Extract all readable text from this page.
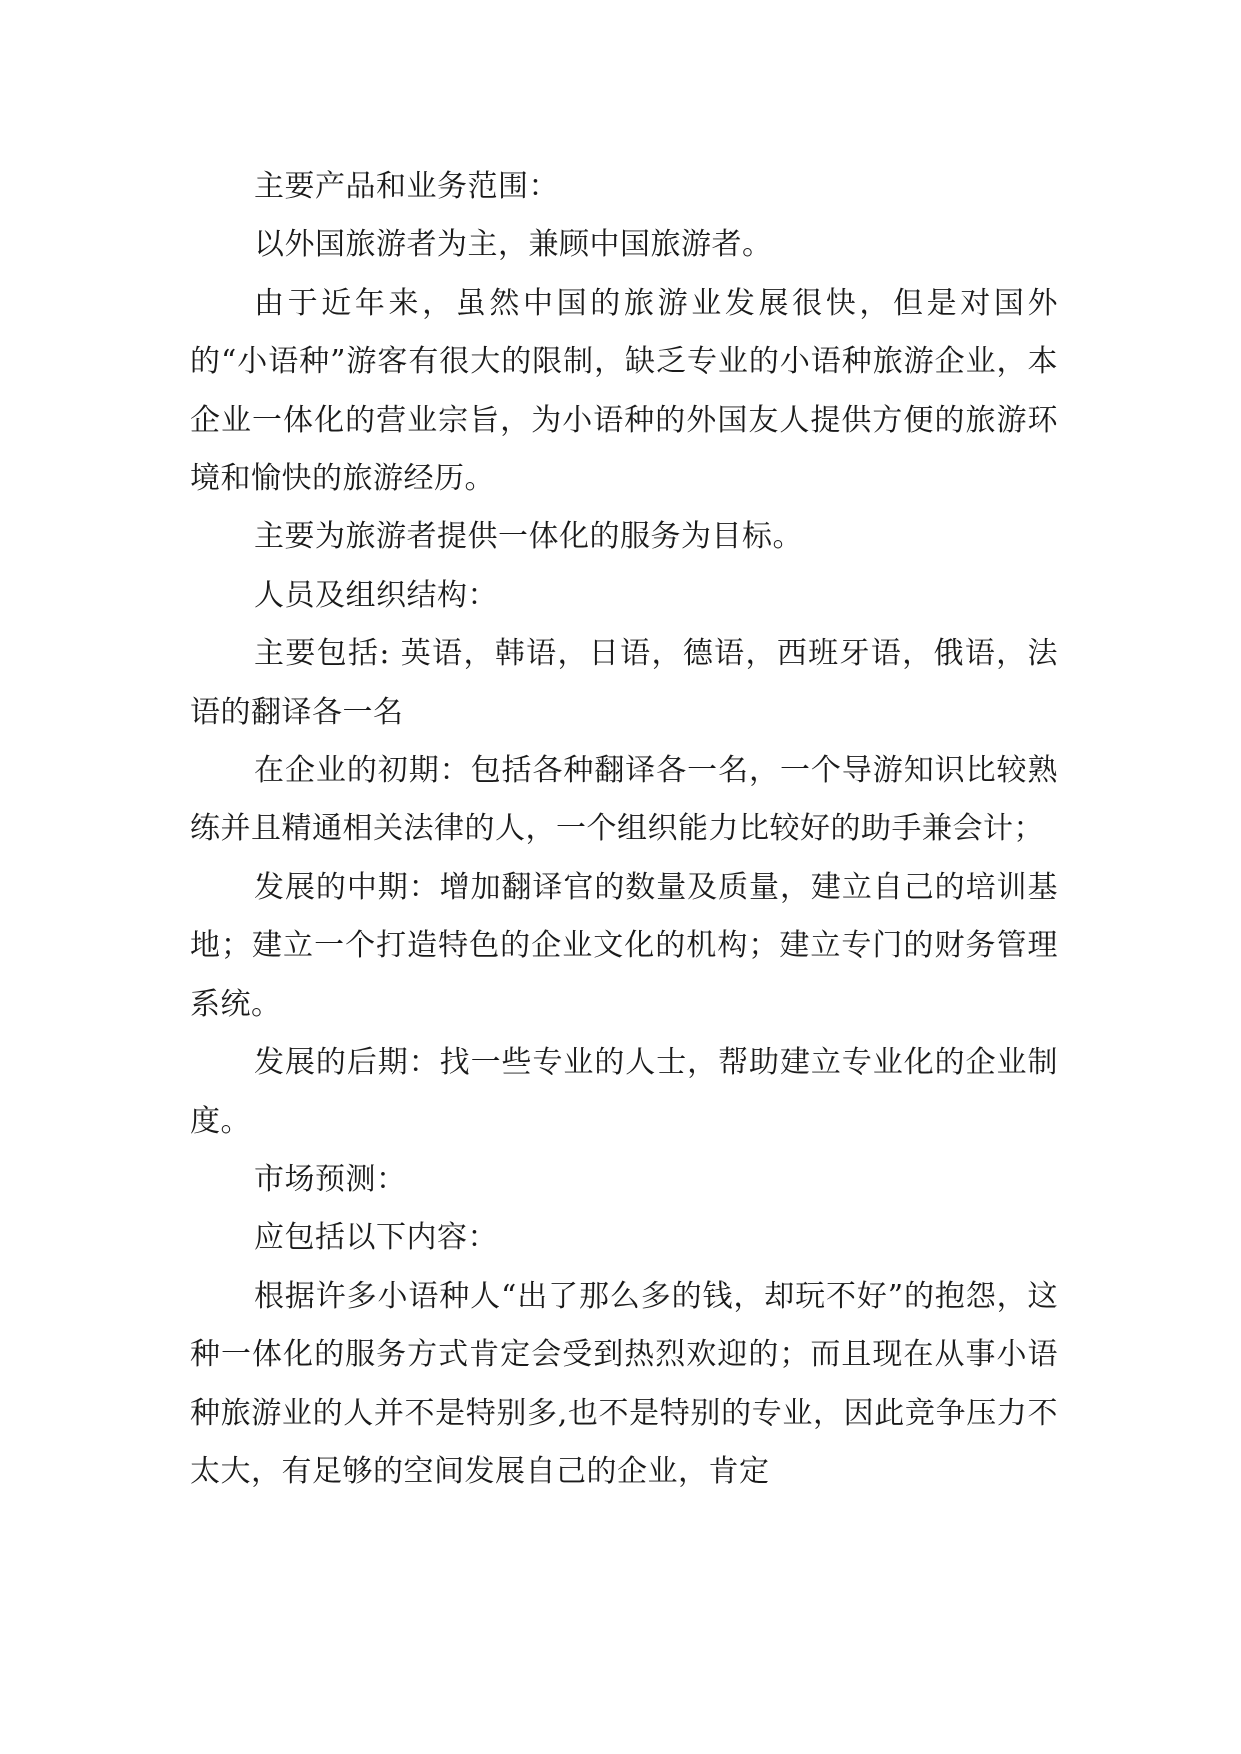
主要产品和业务范围：

以外国旅游者为主，兼顾中国旅游者。

由于近年来，虽然中国的旅游业发展很快，但是对国外的“小语种”游客有很大的限制，缺乏专业的小语种旅游企业，本企业一体化的营业宗旨，为小语种的外国友人提供方便的旅游环境和愉快的旅游经历。

主要为旅游者提供一体化的服务为目标。

人员及组织结构：

主要包括: 英语，韩语，日语，德语，西班牙语，俄语，法语的翻译各一名

在企业的初期：包括各种翻译各一名，一个导游知识比较熟练并且精通相关法律的人，一个组织能力比较好的助手兼会计；

发展的中期：增加翻译官的数量及质量，建立自己的培训基地；建立一个打造特色的企业文化的机构；建立专门的财务管理系统。

发展的后期：找一些专业的人士，帮助建立专业化的企业制度。

市场预测：

应包括以下内容：

根据许多小语种人“出了那么多的钱，却玩不好”的抱怨，这种一体化的服务方式肯定会受到热烈欢迎的；而且现在从事小语种旅游业的人并不是特别多,也不是特别的专业，因此竞争压力不太大，有足够的空间发展自己的企业，肯定
